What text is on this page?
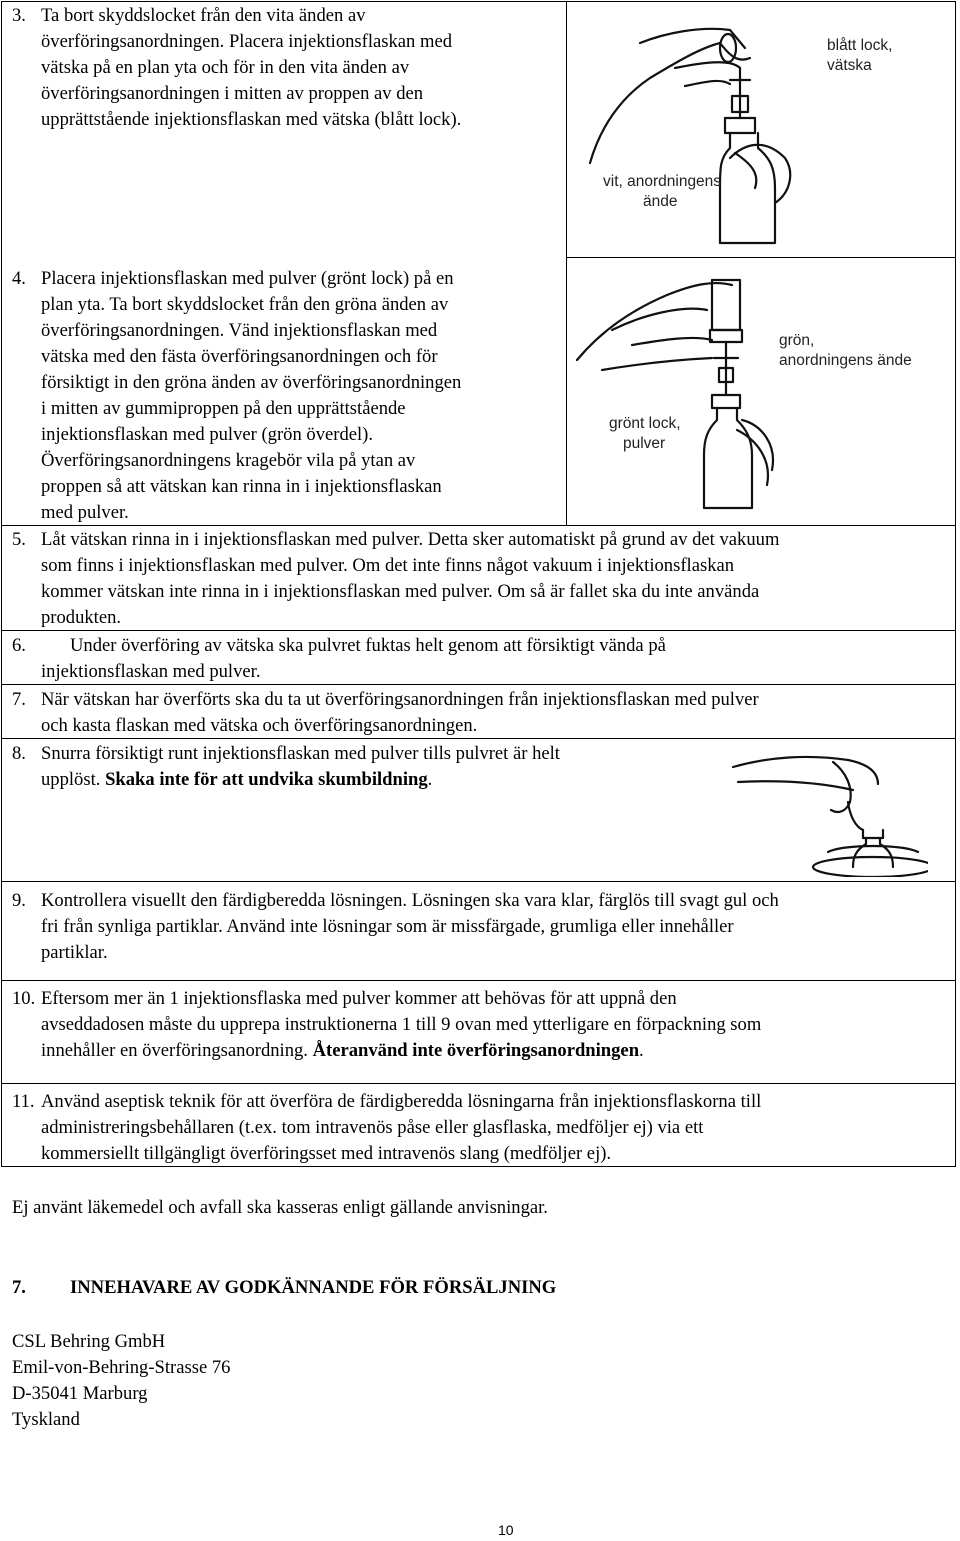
3. Ta bort skyddslocket från den vita änden av
överföringsanordningen. Placera injektionsflaskan med
vätska på en plan yta och för in den vita änden av
överföringsanordningen i mitten av proppen av den
upprättstående injektionsflaskan med vätska (blått lock).
blått lock,
vätska
vit, anordningens
ände
4. Placera injektionsflaskan med pulver (grönt lock) på en
plan yta. Ta bort skyddslocket från den gröna änden av
överföringsanordningen. Vänd injektionsflaskan med
vätska med den fästa överföringsanordningen och för
försiktigt in den gröna änden av överföringsanordningen
i mitten av gummiproppen på den upprättstående
injektionsflaskan med pulver (grön överdel).
Överföringsanordningens kragebör vila på ytan av
proppen så att vätskan kan rinna in i injektionsflaskan
med pulver.
grön,
anordningens ände
grönt lock,
pulver
5. Låt vätskan rinna in i injektionsflaskan med pulver. Detta sker automatiskt på grund av det vakuum
som finns i injektionsflaskan med pulver. Om det inte finns något vakuum i injektionsflaskan
kommer vätskan inte rinna in i injektionsflaskan med pulver. Om så är fallet ska du inte använda
produkten.
6. Under överföring av vätska ska pulvret fuktas helt genom att försiktigt vända på
injektionsflaskan med pulver.
7. När vätskan har överförts ska du ta ut överföringsanordningen från injektionsflaskan med pulver
och kasta flaskan med vätska och överföringsanordningen.
8. Snurra försiktigt runt injektionsflaskan med pulver tills pulvret är helt
upplöst. Skaka inte för att undvika skumbildning.
9. Kontrollera visuellt den färdigberedda lösningen. Lösningen ska vara klar, färglös till svagt gul och
fri från synliga partiklar. Använd inte lösningar som är missfärgade, grumliga eller innehåller
partiklar.
10. Eftersom mer än 1 injektionsflaska med pulver kommer att behövas för att uppnå den
avseddadosen måste du upprepa instruktionerna 1 till 9 ovan med ytterligare en förpackning som
innehåller en överföringsanordning. Återanvänd inte överföringsanordningen.
11. Använd aseptisk teknik för att överföra de färdigberedda lösningarna från injektionsflaskorna till
administreringsbehållaren (t.ex. tom intravenös påse eller glasflaska, medföljer ej) via ett
kommersiellt tillgängligt överföringsset med intravenös slang (medföljer ej).
Ej använt läkemedel och avfall ska kasseras enligt gällande anvisningar.
7. INNEHAVARE AV GODKÄNNANDE FÖR FÖRSÄLJNING
CSL Behring GmbH
Emil-von-Behring-Strasse 76
D-35041 Marburg
Tyskland
10
